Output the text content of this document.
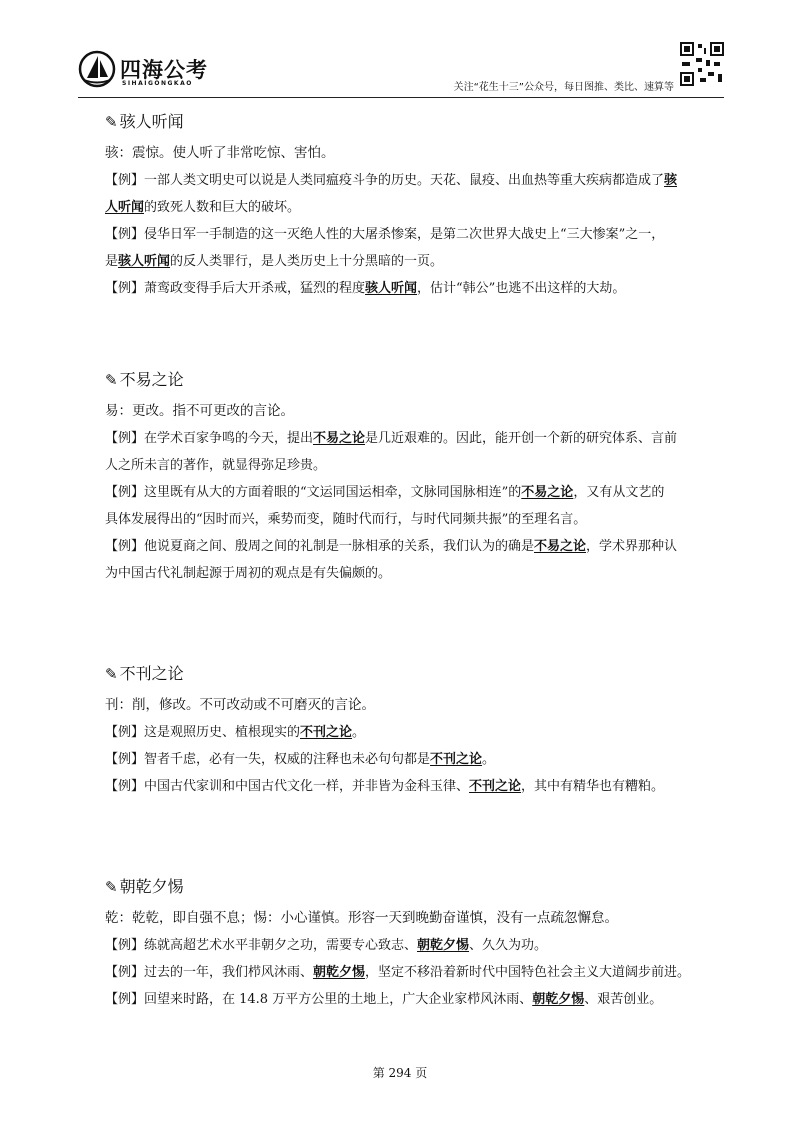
四海公考
SIHAIGONGKAO	关注“花生十三”公众号，每日图推、类比、速算等
✎ 骇人听闻
骇：震惊。使人听了非常吃惊、害怕。
【例】一部人类文明史可以说是人类同瘟疫斗争的历史。天花、鼠疫、出血热等重大疾病都造成了骇
人听闻的致死人数和巨大的破坏。
【例】侵华日军一手制造的这一灭绝人性的大屠杀惨案，是第二次世界大战史上“三大惨案”之一，
是骇人听闻的反人类罪行，是人类历史上十分黑暗的一页。
【例】萧鸾政变得手后大开杀戒，猛烈的程度骇人听闻，估计“韩公”也逃不出这样的大劫。
✎ 不易之论
易：更改。指不可更改的言论。
【例】在学术百家争鸣的今天，提出不易之论是几近艰难的。因此，能开创一个新的研究体系、言前
人之所未言的著作，就显得弥足珍贵。
【例】这里既有从大的方面着眼的“文运同国运相牵，文脉同国脉相连”的不易之论，又有从文艺的
具体发展得出的“因时而兴，乘势而变，随时代而行，与时代同频共振”的至理名言。
【例】他说夏商之间、殷周之间的礼制是一脉相承的关系，我们认为的确是不易之论，学术界那种认
为中国古代礼制起源于周初的观点是有失偏颇的。
✎ 不刊之论
刊：削，修改。不可改动或不可磨灭的言论。
【例】这是观照历史、植根现实的不刊之论。
【例】智者千虑，必有一失，权威的注释也未必句句都是不刊之论。
【例】中国古代家训和中国古代文化一样，并非皆为金科玉律、不刊之论，其中有精华也有糟粕。
✎ 朝乾夕惕
乾：乾乾，即自强不息；惕：小心谨慎。形容一天到晚勤奋谨慎，没有一点疏忽懈怠。
【例】练就高超艺术水平非朝夕之功，需要专心致志、朝乾夕惕、久久为功。
【例】过去的一年，我们栉风沐雨、朝乾夕惕，坚定不移沿着新时代中国特色社会主义大道阔步前进。
【例】回望来时路，在 14.8 万平方公里的土地上，广大企业家栉风沐雨、朝乾夕惕、艰苦创业。
第 294 页
